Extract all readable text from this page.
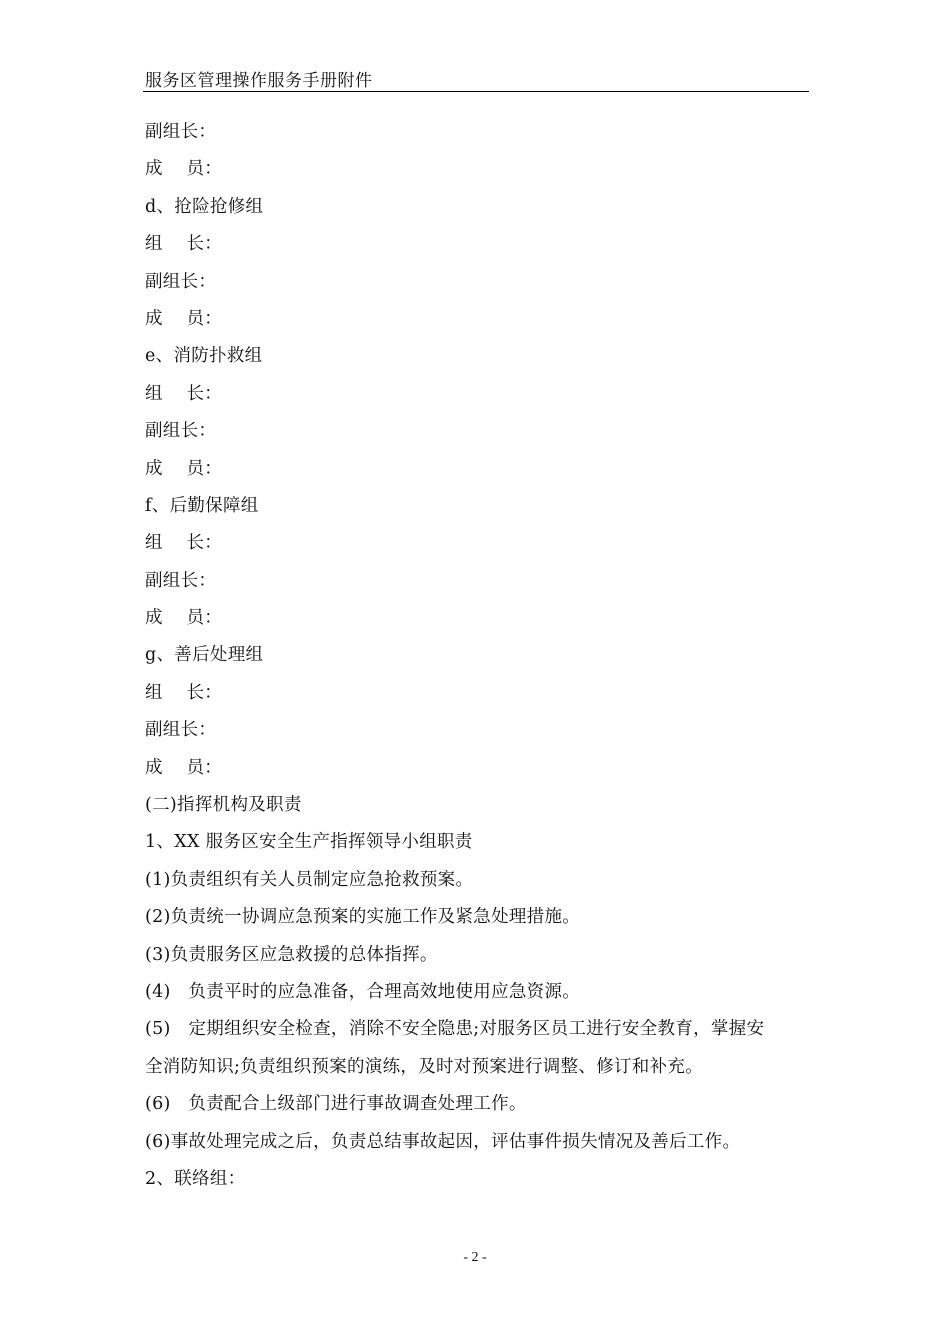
服务区管理操作服务手册附件
副组长：
成　 员：
d、抢险抢修组
组　 长：
副组长：
成　 员：
e、消防扑救组
组　 长：
副组长：
成　 员：
f、后勤保障组
组　 长：
副组长：
成　 员：
g、善后处理组
组　 长：
副组长：
成　 员：
(二)指挥机构及职责
1、XX 服务区安全生产指挥领导小组职责
(1)负责组织有关人员制定应急抢救预案。
(2)负责统一协调应急预案的实施工作及紧急处理措施。
(3)负责服务区应急救援的总体指挥。
(4)　负责平时的应急准备，合理高效地使用应急资源。
(5)　定期组织安全检查，消除不安全隐患;对服务区员工进行安全教育，掌握安
全消防知识;负责组织预案的演练，及时对预案进行调整、修订和补充。
(6)　负责配合上级部门进行事故调查处理工作。
(6)事故处理完成之后，负责总结事故起因，评估事件损失情况及善后工作。
2、联络组：
- 2 -
